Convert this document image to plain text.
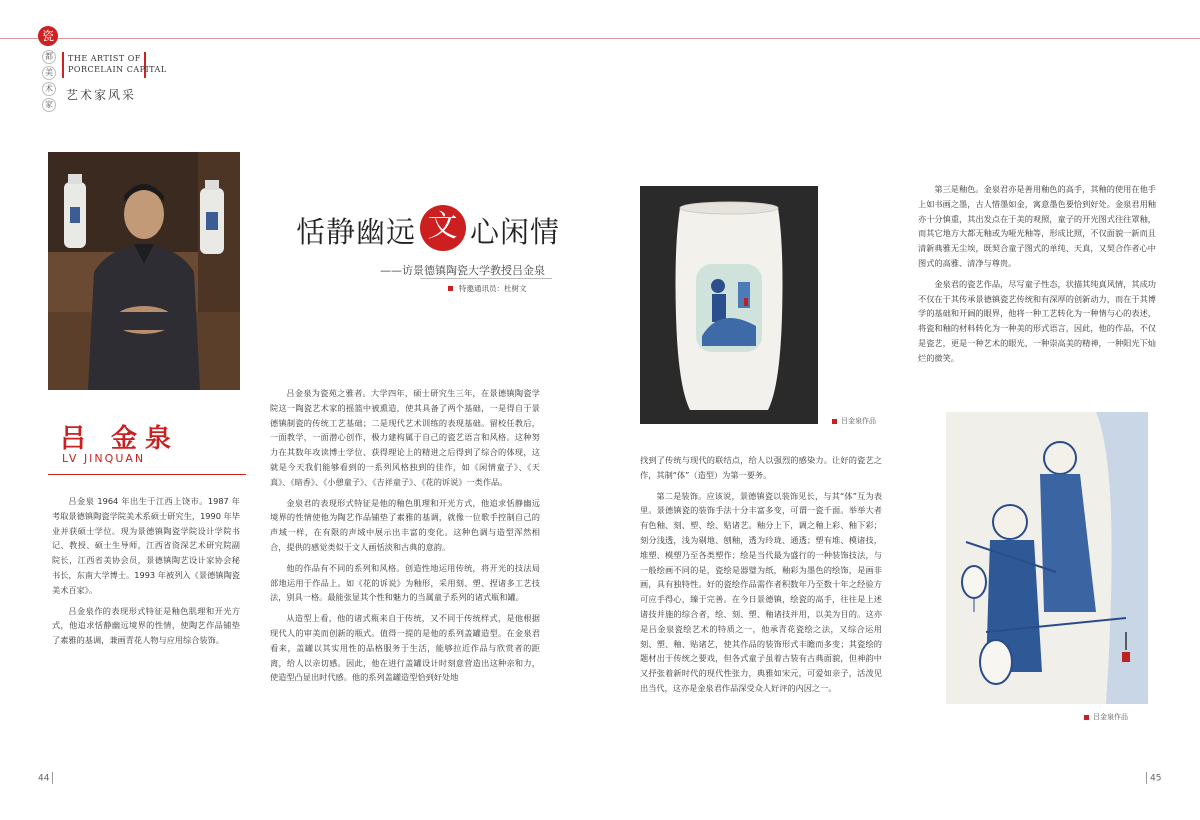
瓷
都
美
术
家
THE ARTIST OF
PORCELAIN CAPITAL
艺术家风采
吕 金泉
LV JINQUAN

吕金泉 1964 年出生于江西上饶市。1987 年考取景德镇陶瓷学院美术系硕士研究生，1990 年毕业并获硕士学位。现为景德镇陶瓷学院设计学院书记、教授、硕士生导师，江西省资深艺术研究院副院长，江西省美协会员，景德镇陶艺设计家协会秘书长，东南大学博士。1993 年被列入《景德镇陶瓷美术百家》。

吕金泉作的表现形式特征是釉色肌理和开光方式，他追求恬静幽远境界的性情，使陶艺作品铺垫了素雅的基调，兼画青花人物与应用综合装饰。

恬静幽远 文 心闲情
——访景德镇陶瓷大学教授吕金泉
特邀通讯员：杜树文

吕金泉为瓷苑之雅者。大学四年，硕士研究生三年，在景德镇陶瓷学院这一陶瓷艺术家的摇篮中被熏造，使其具备了两个基础，一是得自于景德镇制瓷的传统工艺基础；二是现代艺术训练的表现基础。留校任教后，一面教学，一面潜心创作，极力建构属于自己的瓷艺语言和风格。这种努力在其数年攻读博士学位、获得理论上的精进之后得到了综合的体现，这就是今天我们能够看到的一系列风格独到的佳作，如《闲情童子》、《天真》、《暗香》、《小憩童子》、《吉祥童子》、《花的诉说》一类作品。

金泉君的表现形式特征是他的釉色肌理和开光方式，他追求恬静幽远境界的性情使他为陶艺作品铺垫了素雅的基调，就像一位歌手控制自己的声域一样，在有限的声域中展示出丰富的变化。这种色调与造型浑然相合，提供的感觉类似于文人画恬淡和古典的意韵。

他的作品有不同的系列和风格。创造性地运用传统，将开光的技法局部地运用于作品上。如《花的诉说》为釉形，采用刻、塑、捏诸多工艺技法，别具一格。最能张显其个性和魅力的当属童子系列的诸式瓶和罐。

从造型上看，他的诸式瓶来自于传统，又不同于传统样式，是他根据现代人的审美而创新的瓶式。值得一提的是他的系列盖罐造型。在金泉君看来，盖罐以其实用性的品格服务于生活，能够拉近作品与欣赏者的距离，给人以亲切感。因此，他在进行盖罐设计时刻意营造出这种亲和力，使造型凸显出时代感。他的系列盖罐造型恰到好处地

吕金泉作品

找到了传统与现代的联结点，给人以强烈的感染力。让好的瓷艺之作，其制“体”（造型）为第一要务。

第二是装饰。应该说，景德镇瓷以装饰见长，与其“体”互为表里。景德镇瓷的装饰手法十分丰富多变，可谓一瓷千面。举举大者有色釉、刻、塑、绘、贴诸艺。釉分上下，调之釉上彩、釉下彩；刻分浅透，浅为剔地、刨釉，透为玲珑、通透；塑有堆、模诸技，堆塑、模塑乃至各类塑作；绘是当代最为盛行的一种装饰技法，与一般绘画不同的是，瓷绘是器璧为纸，釉彩为墨色的绘饰，是画非画，具有独特性。好的瓷绘作品需作者积数年乃至数十年之经验方可应手得心，臻于完善。在今日景德镇，绘瓷的高手，往往是上述诸技并施的综合者，绘、刻、塑、釉诸技并用，以美为目的。这亦是吕金泉瓷绘艺术的特质之一，他承青花瓷绘之法，又综合运用刻、塑、釉、贴诸艺，使其作品的装饰形式丰瞻而多变；其瓷绘的题材出于传统之要戏，但各式童子虽着古装有古典面貌，但神韵中又抒张着新时代的现代性张力，典雅如宋元，可爱如亲子，活泼见出当代，这亦是金泉君作品深受众人好评的内因之一。

第三是釉色。金泉君亦是善用釉色的高手，其釉的使用在他手上如书画之墨，古人惜墨如金，寓意墨色要恰到好处。金泉君用釉亦十分慎重，其出发点在于美的观照，童子的开光图式往往罩釉，而其它地方大都无釉或为哑光釉等，形成比照，不仅面貌一新而且清新典雅无尘埃，既契合童子图式的单纯、天真，又契合作者心中图式的高雅、清净与尊贵。

金泉君的瓷艺作品，尽写童子性态，状描其纯真风情，其成功不仅在于其传承景德镇瓷艺传统和有深厚的创新动力，而在于其博学的基础和开阔的眼界，他将一种工艺转化为一种情与心的表述，将瓷和釉的材料转化为一种美的形式语言，因此，他的作品，不仅是瓷艺，更是一种艺术的眼光，一种崇高美的精神，一种阳光下灿烂的微笑。

吕金泉作品
44	45
